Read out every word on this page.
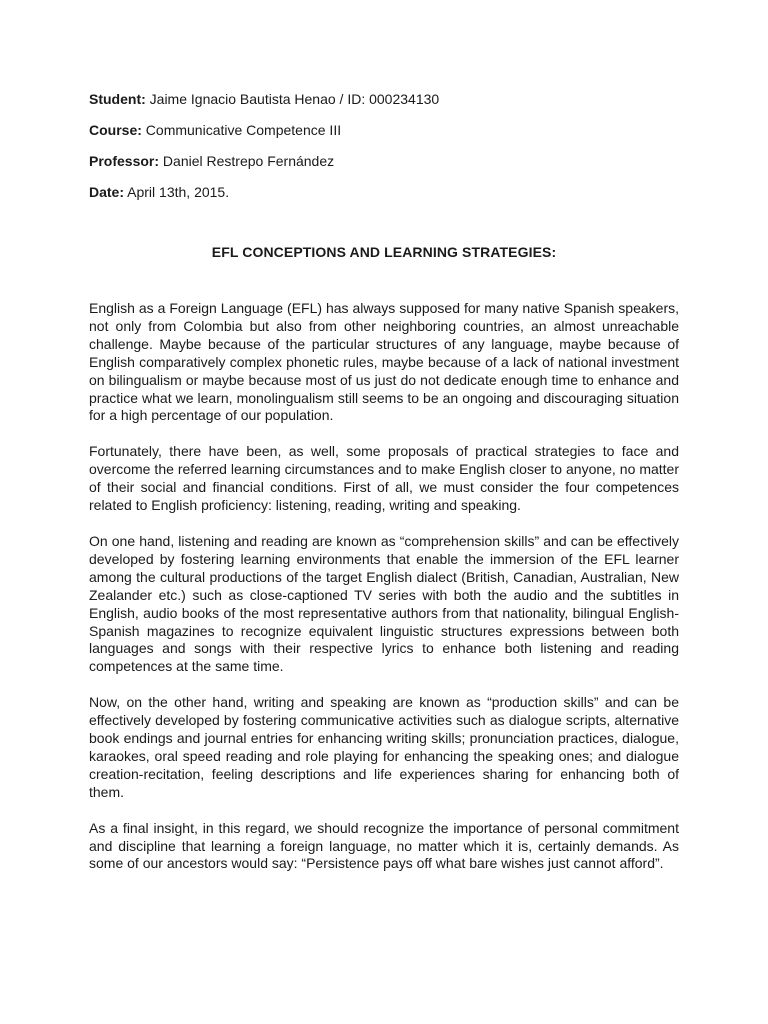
Student: Jaime Ignacio Bautista Henao / ID: 000234130
Course: Communicative Competence III
Professor: Daniel Restrepo Fernández
Date: April 13th, 2015.
EFL CONCEPTIONS AND LEARNING STRATEGIES:

English as a Foreign Language (EFL) has always supposed for many native Spanish speakers, not only from Colombia but also from other neighboring countries, an almost unreachable challenge. Maybe because of the particular structures of any language, maybe because of English comparatively complex phonetic rules, maybe because of a lack of national investment on bilingualism or maybe because most of us just do not dedicate enough time to enhance and practice what we learn, monolingualism still seems to be an ongoing and discouraging situation for a high percentage of our population.

Fortunately, there have been, as well, some proposals of practical strategies to face and overcome the referred learning circumstances and to make English closer to anyone, no matter of their social and financial conditions. First of all, we must consider the four competences related to English proficiency: listening, reading, writing and speaking.

On one hand, listening and reading are known as “comprehension skills” and can be effectively developed by fostering learning environments that enable the immersion of the EFL learner among the cultural productions of the target English dialect (British, Canadian, Australian, New Zealander etc.) such as close-captioned TV series with both the audio and the subtitles in English, audio books of the most representative authors from that nationality, bilingual English-Spanish magazines to recognize equivalent linguistic structures expressions between both languages and songs with their respective lyrics to enhance both listening and reading competences at the same time.

Now, on the other hand, writing and speaking are known as “production skills” and can be effectively developed by fostering communicative activities such as dialogue scripts, alternative book endings and journal entries for enhancing writing skills; pronunciation practices, dialogue, karaokes, oral speed reading and role playing for enhancing the speaking ones; and dialogue creation-recitation, feeling descriptions and life experiences sharing for enhancing both of them.

As a final insight, in this regard, we should recognize the importance of personal commitment and discipline that learning a foreign language, no matter which it is, certainly demands. As some of our ancestors would say: “Persistence pays off what bare wishes just cannot afford”.
